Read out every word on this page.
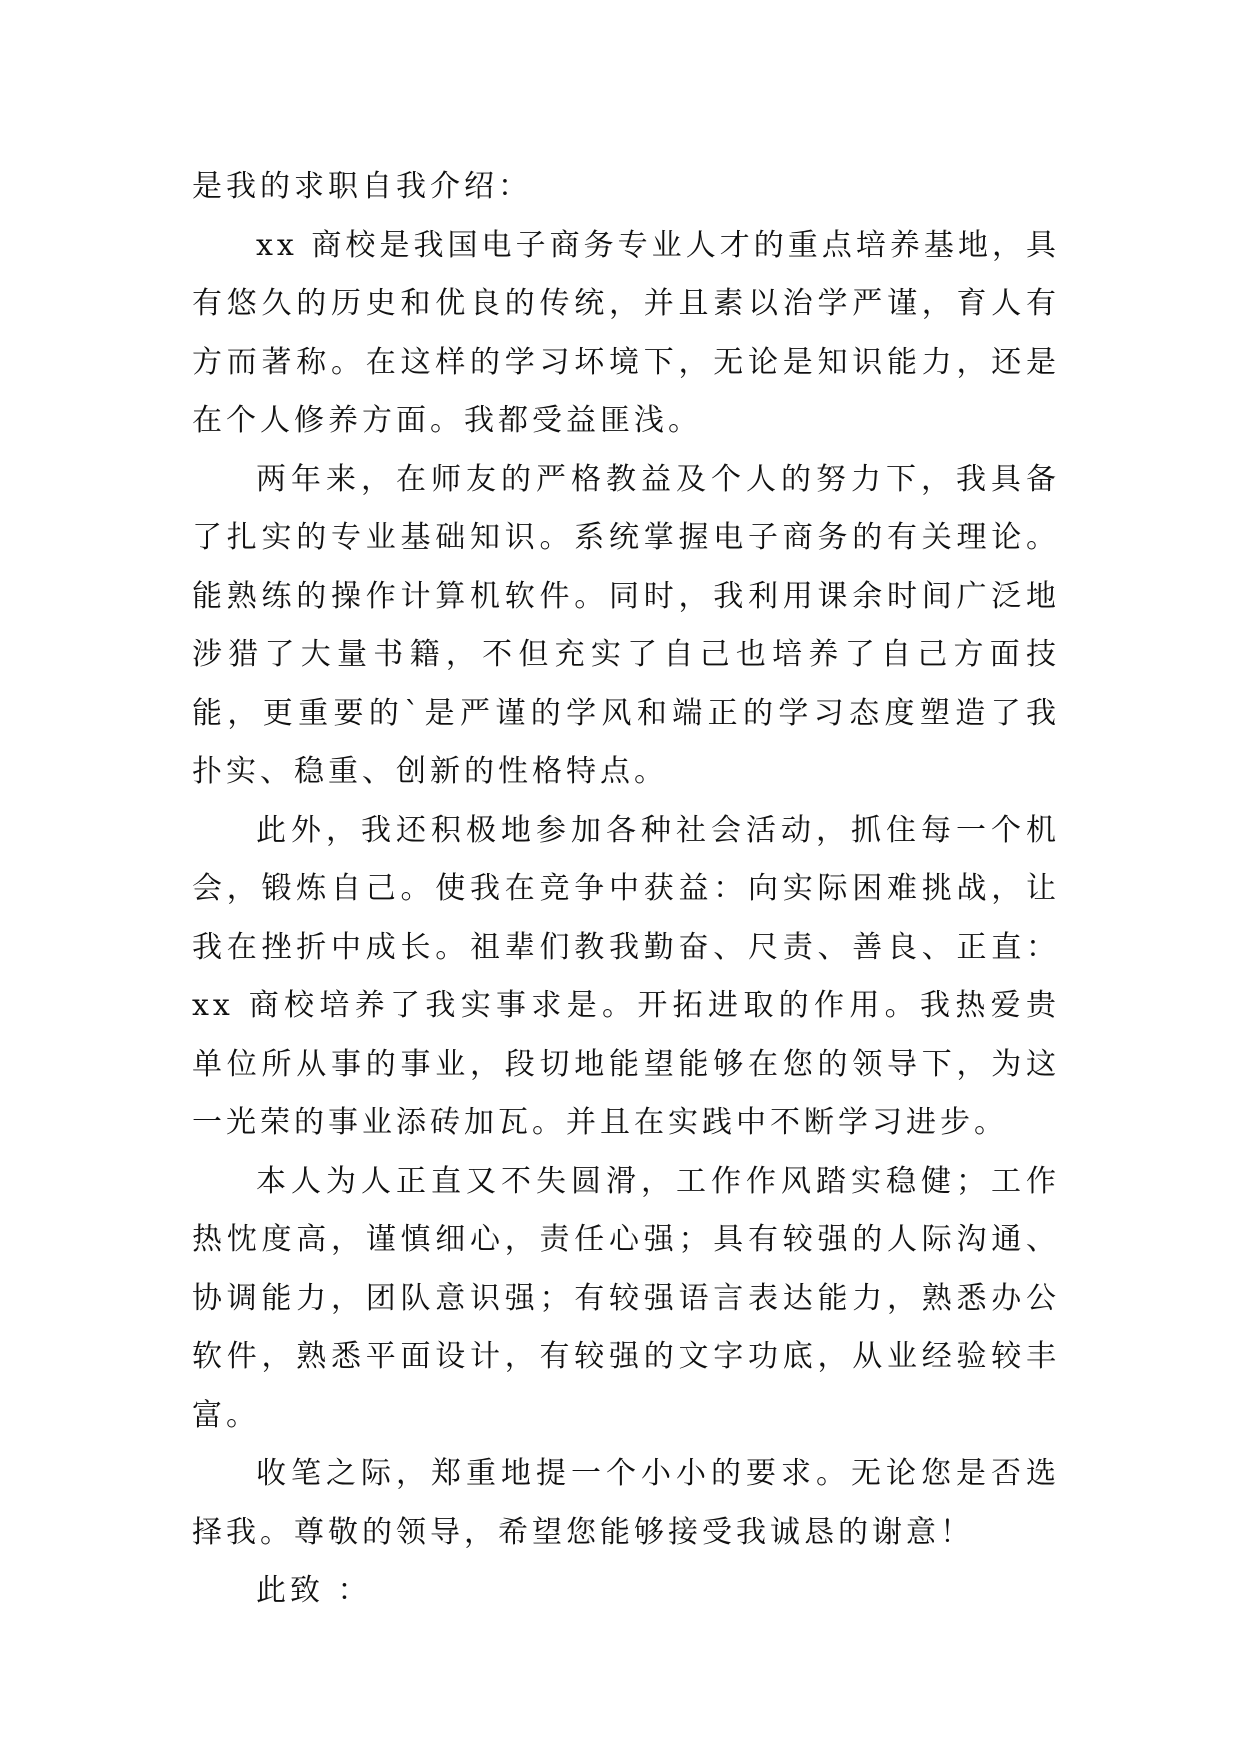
是我的求职自我介绍：

xx 商校是我国电子商务专业人才的重点培养基地，具有悠久的历史和优良的传统，并且素以治学严谨，育人有方而著称。在这样的学习坏境下，无论是知识能力，还是在个人修养方面。我都受益匪浅。

两年来，在师友的严格教益及个人的努力下，我具备了扎实的专业基础知识。系统掌握电子商务的有关理论。能熟练的操作计算机软件。同时，我利用课余时间广泛地涉猎了大量书籍，不但充实了自己也培养了自己方面技能，更重要的`是严谨的学风和端正的学习态度塑造了我扑实、稳重、创新的性格特点。

此外，我还积极地参加各种社会活动，抓住每一个机会，锻炼自己。使我在竞争中获益：向实际困难挑战，让我在挫折中成长。祖辈们教我勤奋、尺责、善良、正直：xx 商校培养了我实事求是。开拓进取的作用。我热爱贵单位所从事的事业，段切地能望能够在您的领导下，为这一光荣的事业添砖加瓦。并且在实践中不断学习进步。

本人为人正直又不失圆滑，工作作风踏实稳健；工作热忱度高，谨慎细心，责任心强；具有较强的人际沟通、协调能力，团队意识强；有较强语言表达能力，熟悉办公软件，熟悉平面设计，有较强的文字功底，从业经验较丰富。

收笔之际，郑重地提一个小小的要求。无论您是否选择我。尊敬的领导，希望您能够接受我诚恳的谢意！

此致 ：
